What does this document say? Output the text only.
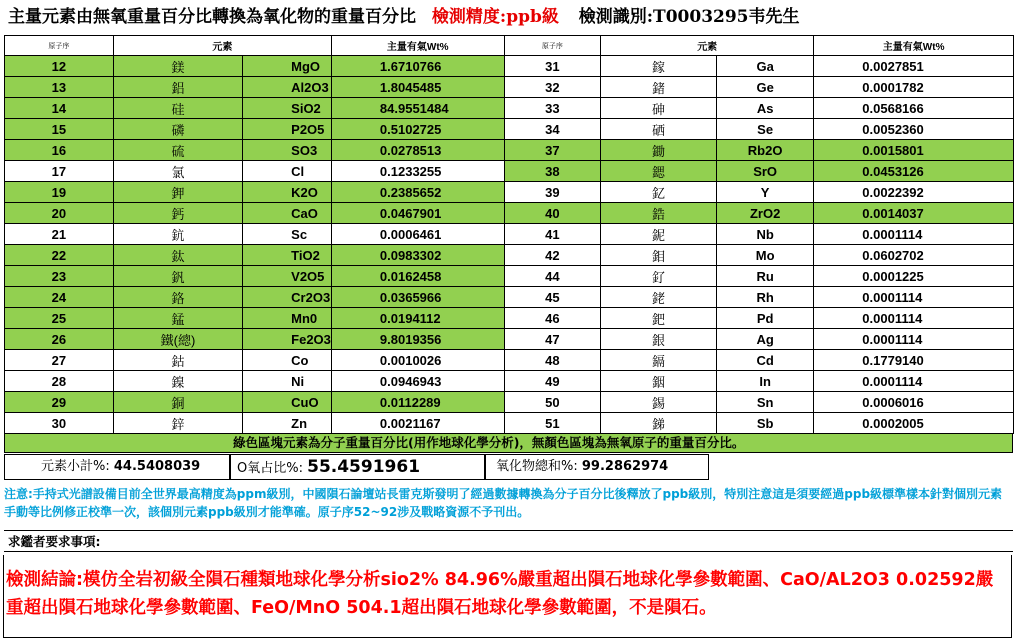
主量元素由無氧重量百分比轉換為氧化物的重量百分比 檢測精度:ppb級 檢測識別:T0003295韦先生
原子序	元素		主量有氣Wt%	原子序	元素		主量有氣Wt%
12	鎂	MgO	1.6710766	31	鎵	Ga	0.0027851
13	鋁	Al2O3	1.8045485	32	鍺	Ge	0.0001782
14	硅	SiO2	84.9551484	33	砷	As	0.0568166
15	磷	P2O5	0.5102725	34	硒	Se	0.0052360
16	硫	SO3	0.0278513	37	鋤	Rb2O	0.0015801
17	氯	Cl	0.1233255	38	鍶	SrO	0.0453126
19	鉀	K2O	0.2385652	39	釔	Y	0.0022392
20	鈣	CaO	0.0467901	40	鋯	ZrO2	0.0014037
21	鈧	Sc	0.0006461	41	鈮	Nb	0.0001114
22	鈦	TiO2	0.0983302	42	鉬	Mo	0.0602702
23	釩	V2O5	0.0162458	44	釕	Ru	0.0001225
24	鉻	Cr2O3	0.0365966	45	銠	Rh	0.0001114
25	錳	Mn0	0.0194112	46	鈀	Pd	0.0001114
26	鐵(總)	Fe2O3	9.8019356	47	銀	Ag	0.0001114
27	鈷	Co	0.0010026	48	鎘	Cd	0.1779140
28	鎳	Ni	0.0946943	49	銦	In	0.0001114
29	銅	CuO	0.0112289	50	錫	Sn	0.0006016
30	鋅	Zn	0.0021167	51	銻	Sb	0.0002005
綠色區塊元素為分子重量百分比(用作地球化學分析)，無顏色區塊為無氧原子的重量百分比。
元素小計%: 44.5408039	O氧占比%: 55.4591961	氧化物總和%: 99.2862974
注意:手持式光譜設備目前全世界最高精度為ppm級別，中國隕石論壇站長雷克斯發明了經過數據轉換為分子百分比後釋放了ppb級別，特別注意這是須要經過ppb級標準樣本針對個別元素手動等比例修正校準一次，該個別元素ppb級別才能準確。原子序52~92涉及戰略資源不予刊出。
求鑑者要求事項:
檢測結論:模仿全岩初級全隕石種類地球化學分析sio2% 84.96%嚴重超出隕石地球化學參數範圍、CaO/AL2O3 0.02592嚴重超出隕石地球化學參數範圍、FeO/MnO 504.1超出隕石地球化學參數範圍，不是隕石。
